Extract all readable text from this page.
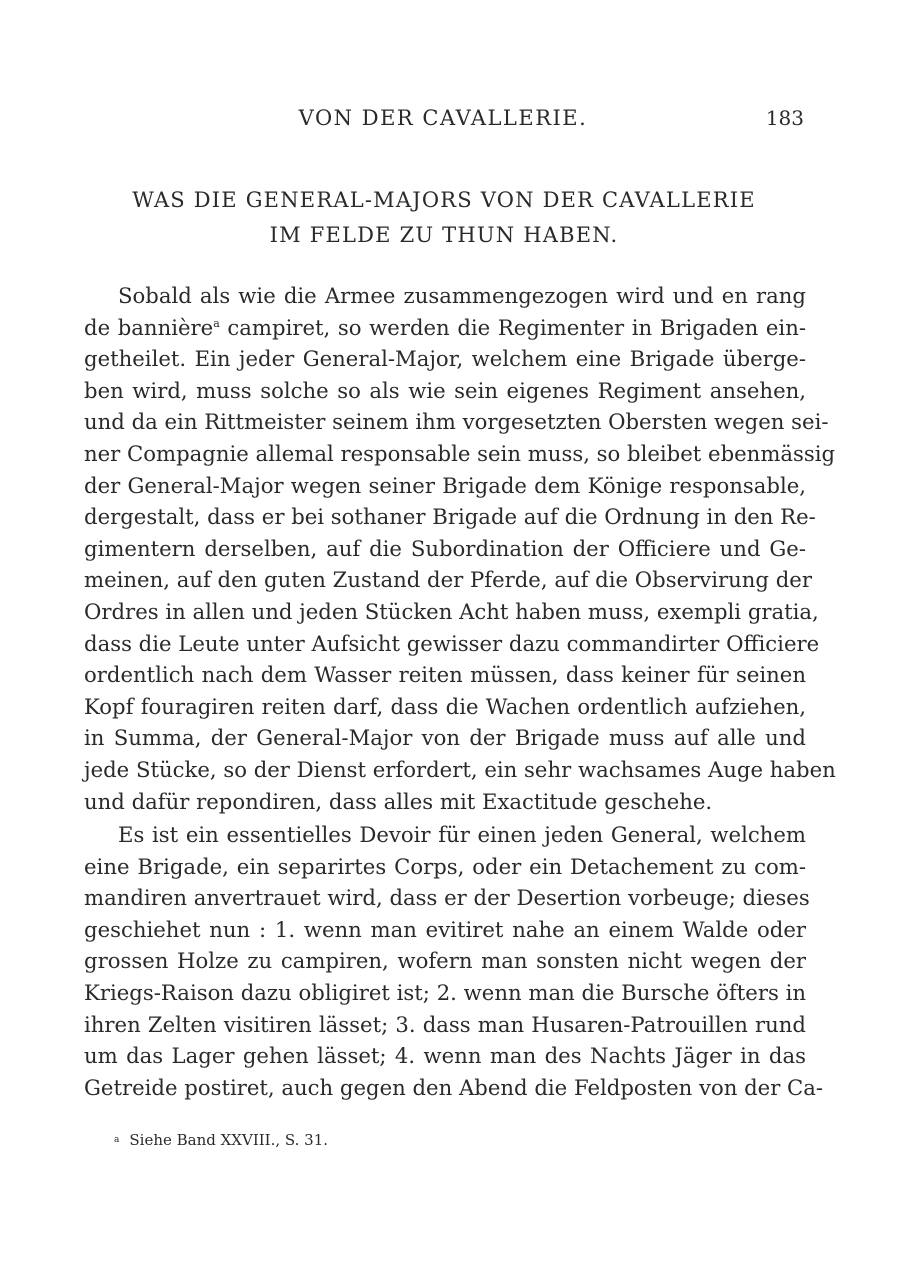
VON DER CAVALLERIE.	183
WAS DIE GENERAL-MAJORS VON DER CAVALLERIE
IM FELDE ZU THUN HABEN.
Sobald als wie die Armee zusammengezogen wird und en rang
de bannière$^a$ campiret, so werden die Regimenter in Brigaden ein-
getheilet. Ein jeder General-Major, welchem eine Brigade überge-
ben wird, muss solche so als wie sein eigenes Regiment ansehen,
und da ein Rittmeister seinem ihm vorgesetzten Obersten wegen sei-
ner Compagnie allemal responsable sein muss, so bleibet ebenmässig
der General-Major wegen seiner Brigade dem Könige responsable,
dergestalt, dass er bei sothaner Brigade auf die Ordnung in den Re-
gimentern derselben, auf die Subordination der Officiere und Ge-
meinen, auf den guten Zustand der Pferde, auf die Observirung der
Ordres in allen und jeden Stücken Acht haben muss, exempli gratia,
dass die Leute unter Aufsicht gewisser dazu commandirter Officiere
ordentlich nach dem Wasser reiten müssen, dass keiner für seinen
Kopf fouragiren reiten darf, dass die Wachen ordentlich aufziehen,
in Summa, der General-Major von der Brigade muss auf alle und
jede Stücke, so der Dienst erfordert, ein sehr wachsames Auge haben
und dafür repondiren, dass alles mit Exactitude geschehe.
Es ist ein essentielles Devoir für einen jeden General, welchem
eine Brigade, ein separirtes Corps, oder ein Detachement zu com-
mandiren anvertrauet wird, dass er der Desertion vorbeuge; dieses
geschiehet nun : 1. wenn man evitiret nahe an einem Walde oder
grossen Holze zu campiren, wofern man sonsten nicht wegen der
Kriegs-Raison dazu obligiret ist; 2. wenn man die Bursche öfters in
ihren Zelten visitiren lässet; 3. dass man Husaren-Patrouillen rund
um das Lager gehen lässet; 4. wenn man des Nachts Jäger in das
Getreide postiret, auch gegen den Abend die Feldposten von der Ca-
$^a$ Siehe Band XXVIII., S. 31.
